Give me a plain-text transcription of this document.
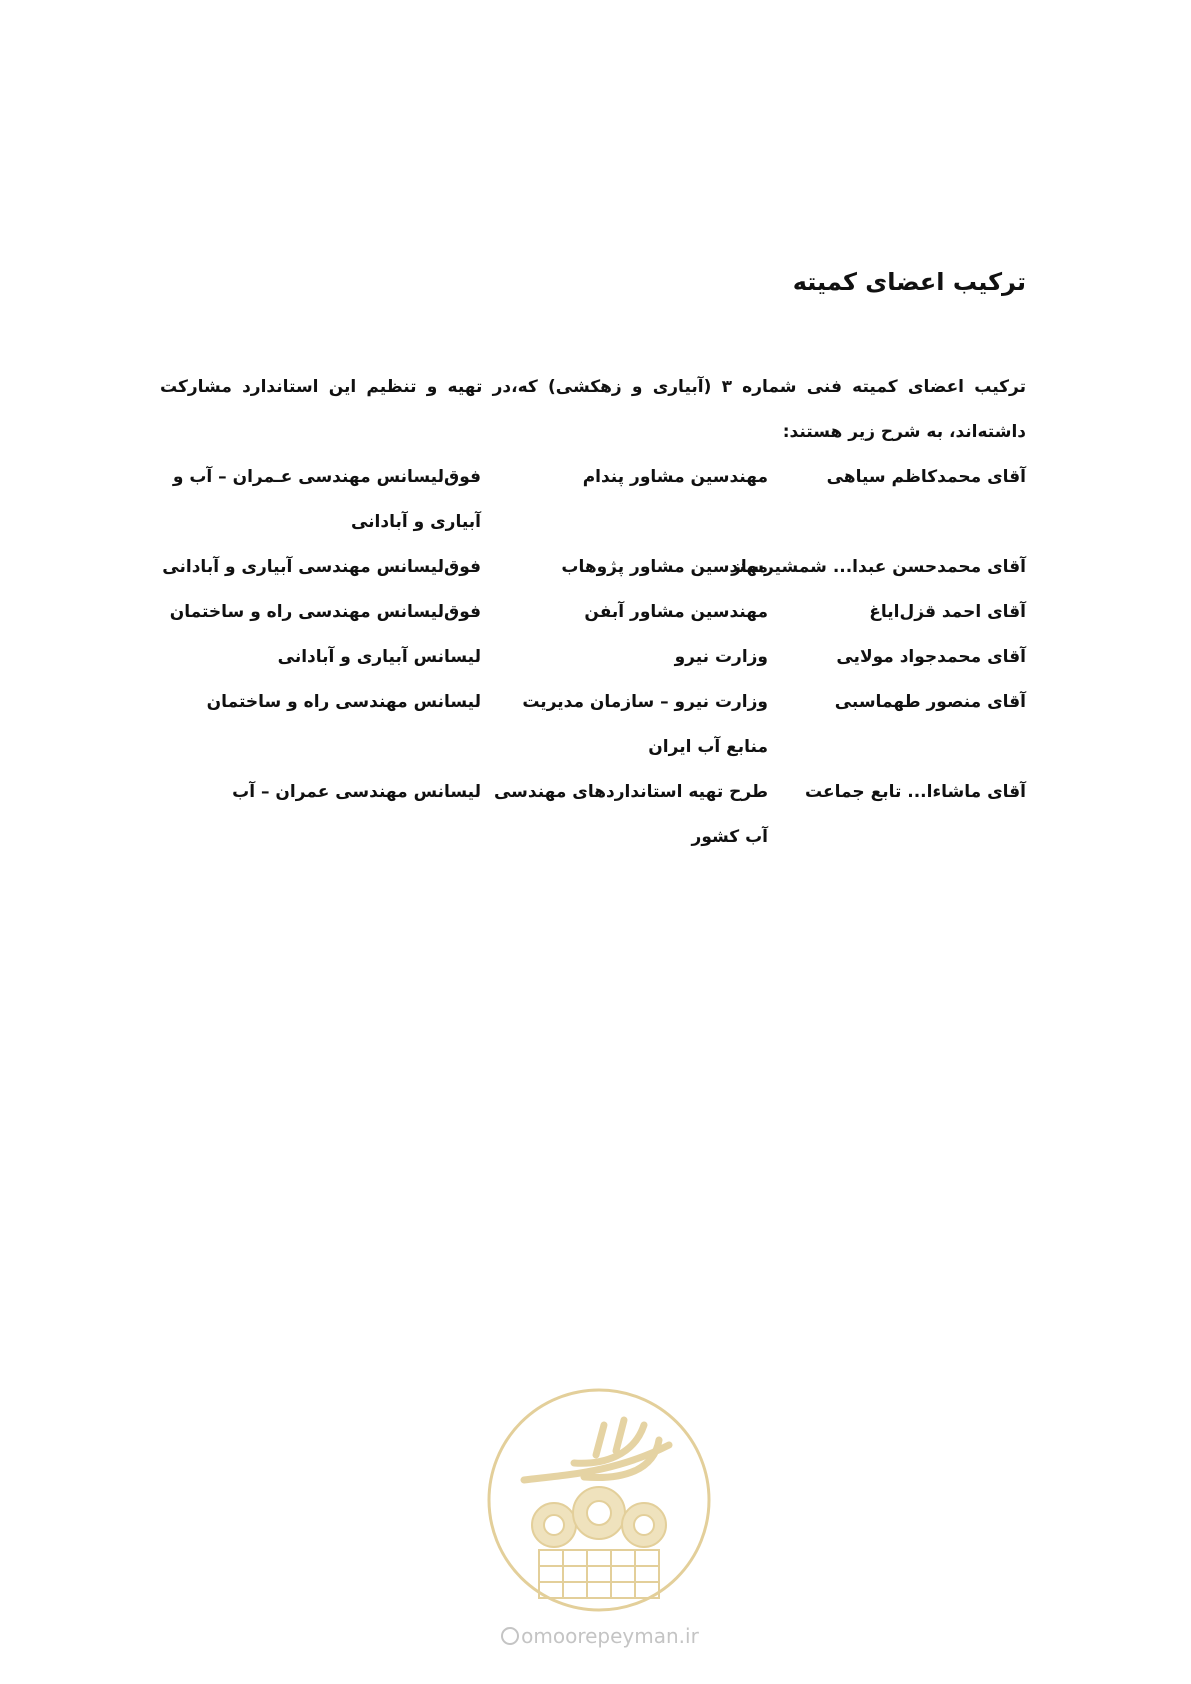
ترکیب اعضای کمیته

ترکیب اعضای کمیته فنی شماره ۳ (آبیاری و زهکشی) که،در تهیه و تنظیم این استاندارد مشارکت داشته‌اند، به شرح زیر هستند:

آقای محمدکاظم سیاهی
مهندسین مشاور پندام
فوق‌لیسانس مهندسی عـمران – آب و آبیاری و آبادانی
آقای محمدحسن عبدا... شمشیرساز
مهندسین مشاور پژوهاب
فوق‌لیسانس مهندسی آبیاری و آبادانی
آقای احمد قزل‌ایاغ
مهندسین مشاور آبفن
فوق‌لیسانس مهندسی راه و ساختمان
آقای محمدجواد مولایی
وزارت نیرو
لیسانس آبیاری و آبادانی
آقای منصور طهماسبی
وزارت نیرو – سازمان مدیریت منابع آب ایران
لیسانس مهندسی راه و ساختمان
آقای ماشاءا... تابع جماعت
طرح تهیه استانداردهای مهندسی آب کشور
لیسانس مهندسی عمران – آب
omoorepeyman.ir
